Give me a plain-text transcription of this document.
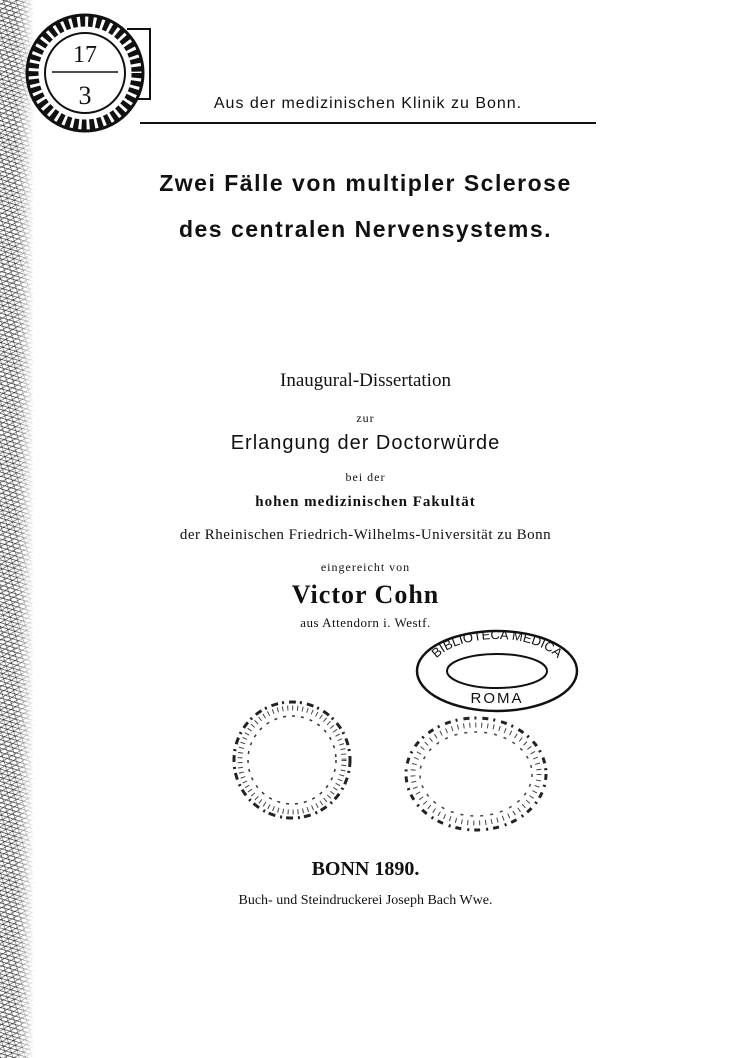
17
3	Aus der medizinischen Klinik zu Bonn.
Zwei Fälle von multipler Sclerose
des centralen Nervensystems.
Inaugural-Dissertation
zur
Erlangung der Doctorwürde
bei der
hohen medizinischen Fakultät
der Rheinischen Friedrich-Wilhelms-Universität zu Bonn
eingereicht von
Victor Cohn
aus Attendorn i. Westf.
BIBLIOTECA MEDICA
ROMA
BONN 1890.
Buch- und Steindruckerei Joseph Bach Wwe.
